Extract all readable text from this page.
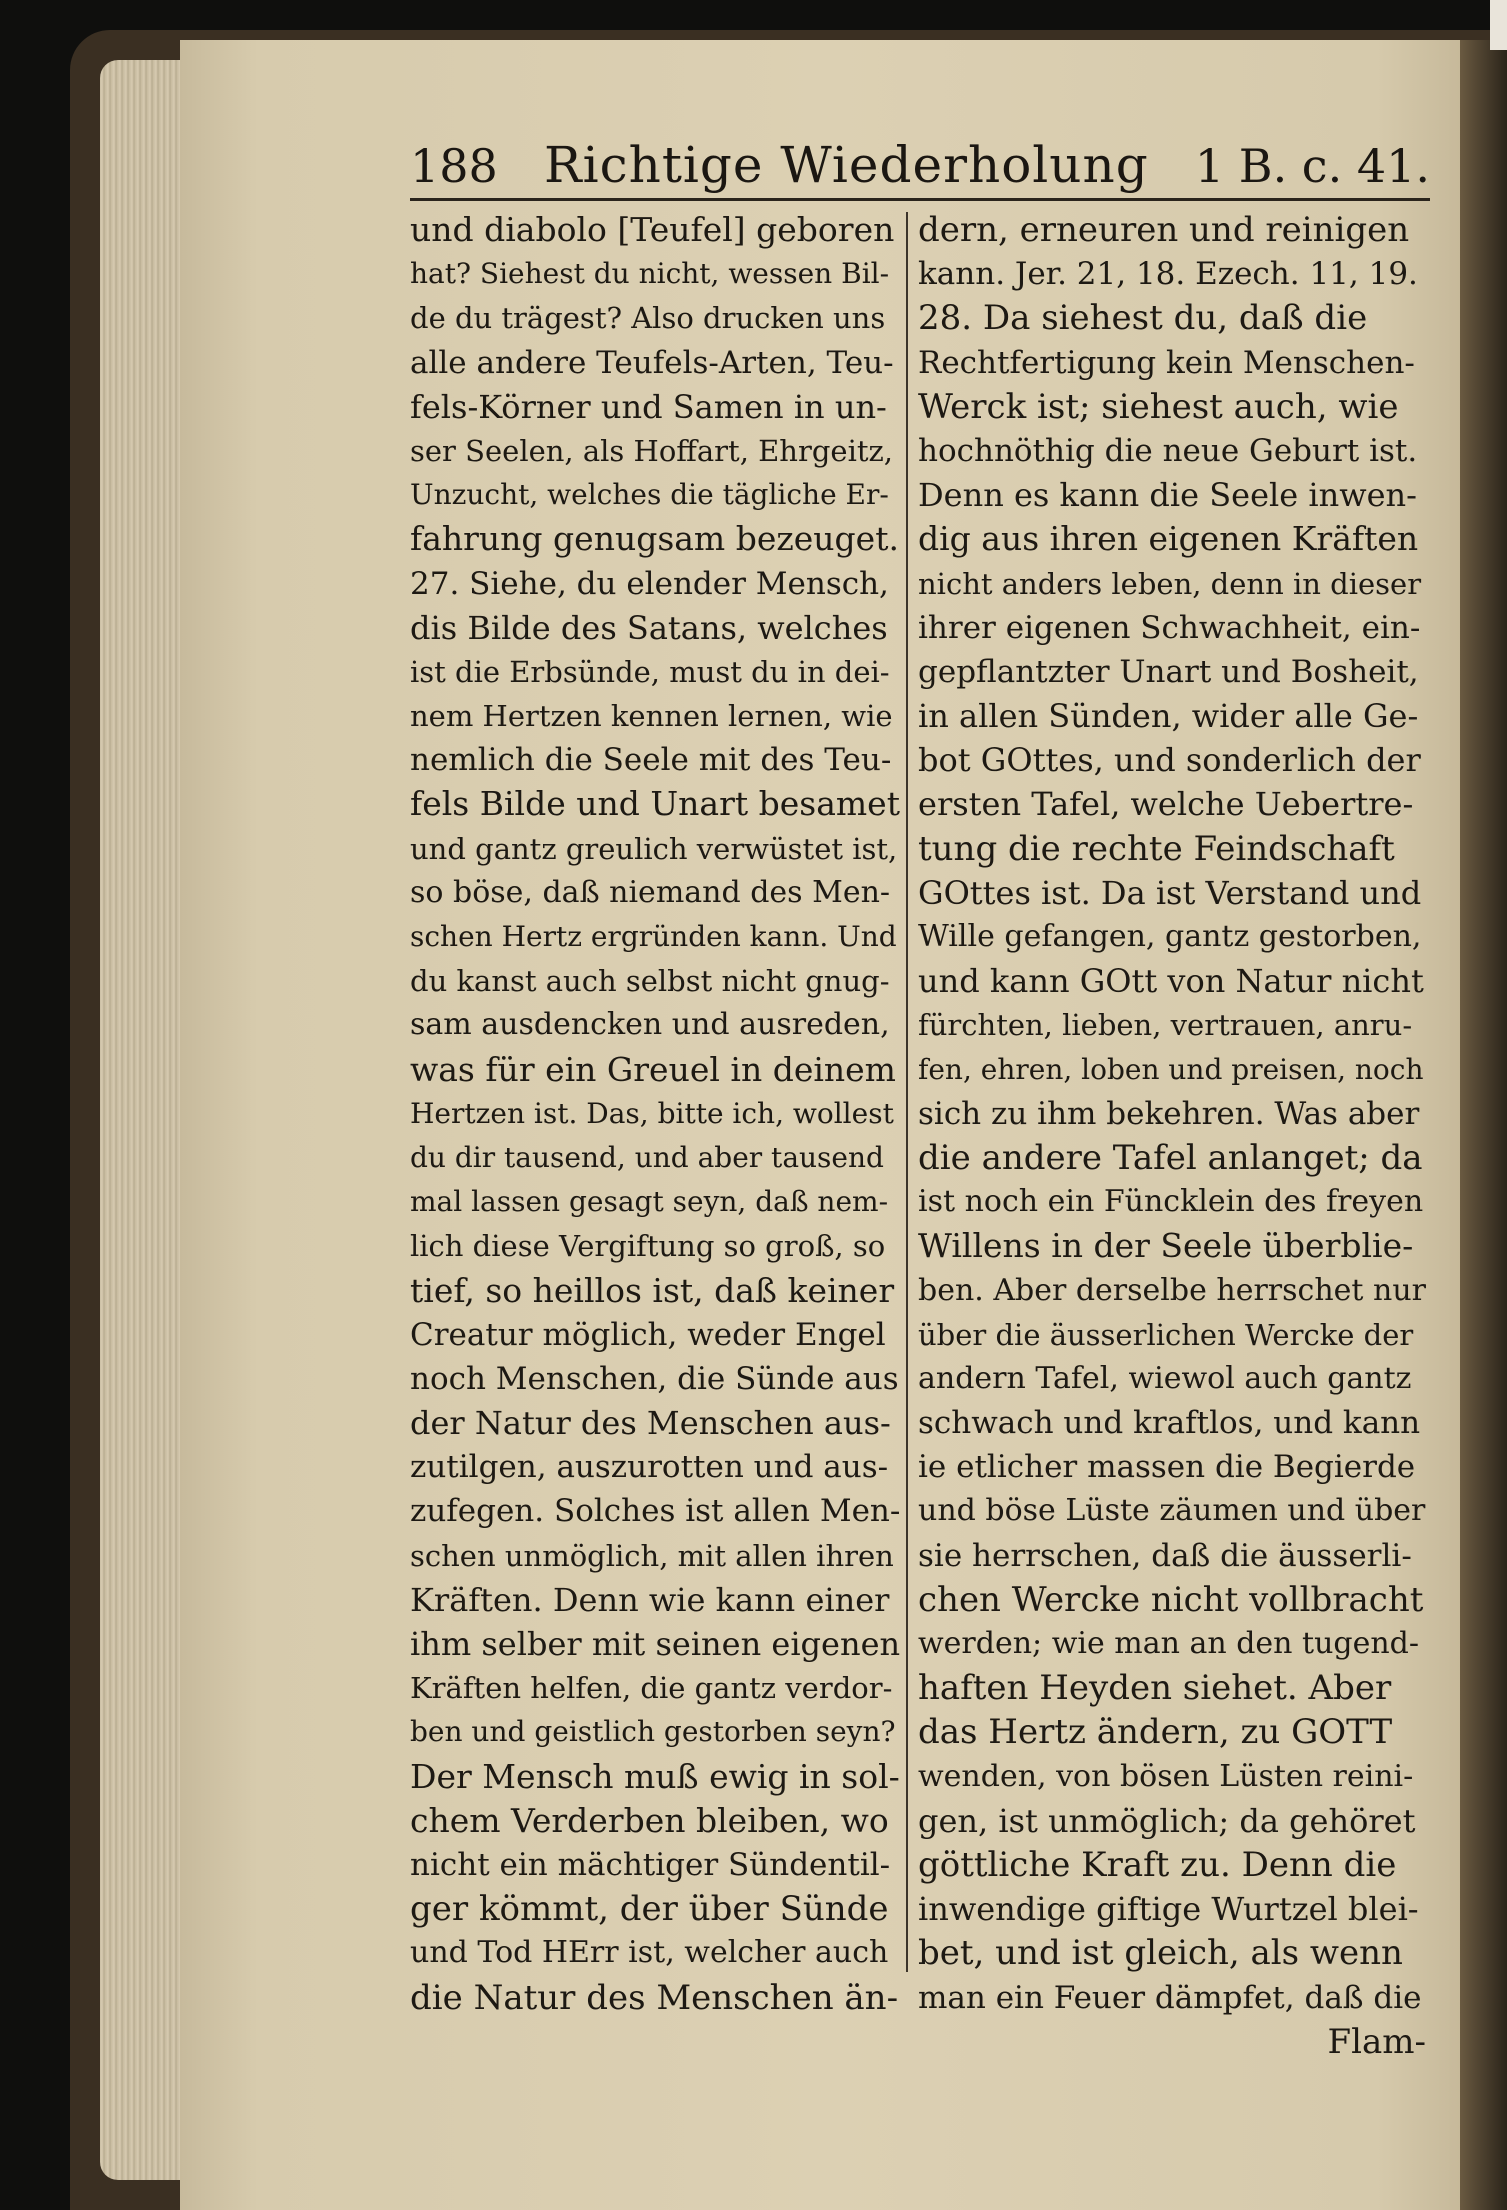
188 Richtige Wiederholung 1 B. c. 41.
und diabolo [Teufel] geboren
hat? Siehest du nicht, wessen Bil-
de du trägest? Also drucken uns
alle andere Teufels-Arten, Teu-
fels-Körner und Samen in un-
ser Seelen, als Hoffart, Ehrgeitz,
Unzucht, welches die tägliche Er-
fahrung genugsam bezeuget.
27. Siehe, du elender Mensch,
dis Bilde des Satans, welches
ist die Erbsünde, must du in dei-
nem Hertzen kennen lernen, wie
nemlich die Seele mit des Teu-
fels Bilde und Unart besamet
und gantz greulich verwüstet ist,
so böse, daß niemand des Men-
schen Hertz ergründen kann. Und
du kanst auch selbst nicht gnug-
sam ausdencken und ausreden,
was für ein Greuel in deinem
Hertzen ist. Das, bitte ich, wollest
du dir tausend, und aber tausend
mal lassen gesagt seyn, daß nem-
lich diese Vergiftung so groß, so
tief, so heillos ist, daß keiner
Creatur möglich, weder Engel
noch Menschen, die Sünde aus
der Natur des Menschen aus-
zutilgen, auszurotten und aus-
zufegen. Solches ist allen Men-
schen unmöglich, mit allen ihren
Kräften. Denn wie kann einer
ihm selber mit seinen eigenen
Kräften helfen, die gantz verdor-
ben und geistlich gestorben seyn?
Der Mensch muß ewig in sol-
chem Verderben bleiben, wo
nicht ein mächtiger Sündentil-
ger kömmt, der über Sünde
und Tod HErr ist, welcher auch
die Natur des Menschen än-
dern, erneuren und reinigen
kann. Jer. 21, 18. Ezech. 11, 19.
28. Da siehest du, daß die
Rechtfertigung kein Menschen-
Werck ist; siehest auch, wie
hochnöthig die neue Geburt ist.
Denn es kann die Seele inwen-
dig aus ihren eigenen Kräften
nicht anders leben, denn in dieser
ihrer eigenen Schwachheit, ein-
gepflantzter Unart und Bosheit,
in allen Sünden, wider alle Ge-
bot GOttes, und sonderlich der
ersten Tafel, welche Uebertre-
tung die rechte Feindschaft
GOttes ist. Da ist Verstand und
Wille gefangen, gantz gestorben,
und kann GOtt von Natur nicht
fürchten, lieben, vertrauen, anru-
fen, ehren, loben und preisen, noch
sich zu ihm bekehren. Was aber
die andere Tafel anlanget; da
ist noch ein Füncklein des freyen
Willens in der Seele überblie-
ben. Aber derselbe herrschet nur
über die äusserlichen Wercke der
andern Tafel, wiewol auch gantz
schwach und kraftlos, und kann
ie etlicher massen die Begierde
und böse Lüste zäumen und über
sie herrschen, daß die äusserli-
chen Wercke nicht vollbracht
werden; wie man an den tugend-
haften Heyden siehet. Aber
das Hertz ändern, zu GOTT
wenden, von bösen Lüsten reini-
gen, ist unmöglich; da gehöret
göttliche Kraft zu. Denn die
inwendige giftige Wurtzel blei-
bet, und ist gleich, als wenn
man ein Feuer dämpfet, daß die
Flam-
